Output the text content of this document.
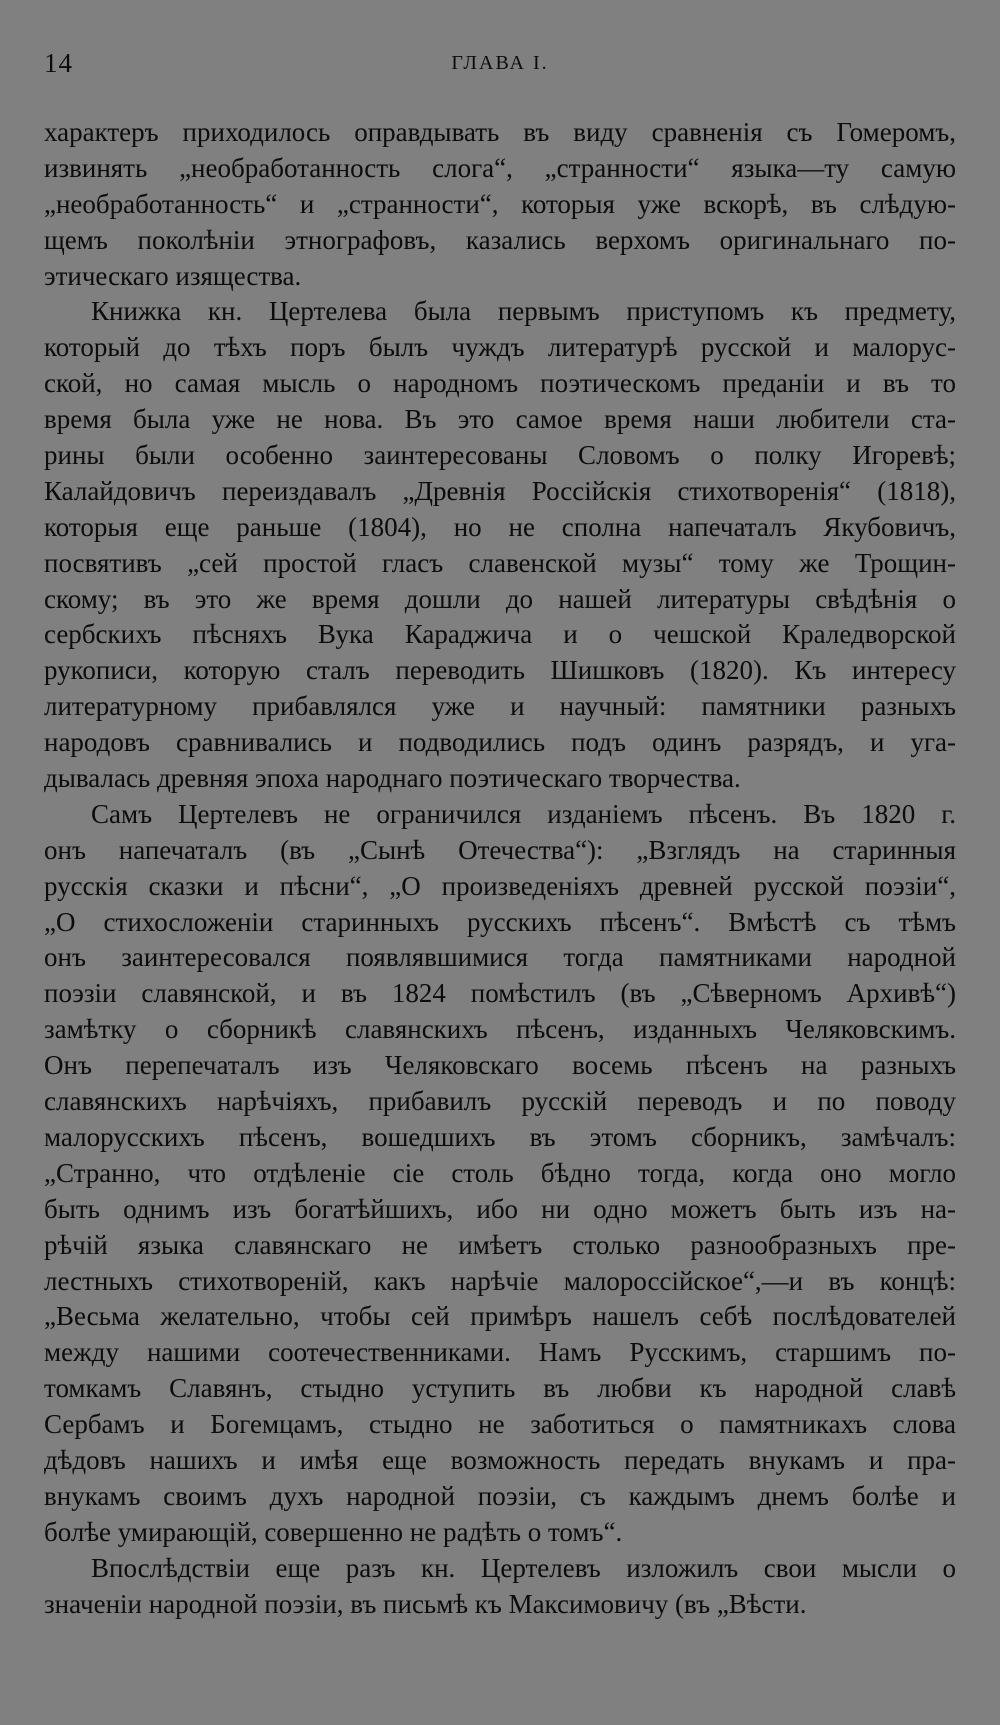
14	ГЛАВА I.
характеръ приходилось оправдывать въ виду сравненія съ Гомеромъ,
извинять „необработанность слога“, „странности“ языка—ту самую
„необработанность“ и „странности“, которыя уже вскорѣ, въ слѣдую-
щемъ поколѣніи этнографовъ, казались верхомъ оригинальнаго по-
этическаго изящества.
Книжка кн. Цертелева была первымъ приступомъ къ предмету,
который до тѣхъ поръ былъ чуждъ литературѣ русской и малорус-
ской, но самая мысль о народномъ поэтическомъ преданіи и въ то
время была уже не нова. Въ это самое время наши любители ста-
рины были особенно заинтересованы Словомъ о полку Игоревѣ;
Калайдовичъ переиздавалъ „Древнія Россійскія стихотворенія“ (1818),
которыя еще раньше (1804), но не сполна напечаталъ Якубовичъ,
посвятивъ „сей простой гласъ славенской музы“ тому же Трощин-
скому; въ это же время дошли до нашей литературы свѣдѣнія о
сербскихъ пѣсняхъ Вука Караджича и о чешской Краледворской
рукописи, которую сталъ переводить Шишковъ (1820). Къ интересу
литературному прибавлялся уже и научный: памятники разныхъ
народовъ сравнивались и подводились подъ одинъ разрядъ, и уга-
дывалась древняя эпоха народнаго поэтическаго творчества.
Самъ Цертелевъ не ограничился изданіемъ пѣсенъ. Въ 1820 г.
онъ напечаталъ (въ „Сынѣ Отечества“): „Взглядъ на старинныя
русскія сказки и пѣсни“, „О произведеніяхъ древней русской поэзіи“,
„О стихосложеніи старинныхъ русскихъ пѣсенъ“. Вмѣстѣ съ тѣмъ
онъ заинтересовался появлявшимися тогда памятниками народной
поэзіи славянской, и въ 1824 помѣстилъ (въ „Сѣверномъ Архивѣ“)
замѣтку о сборникѣ славянскихъ пѣсенъ, изданныхъ Челяковскимъ.
Онъ перепечаталъ изъ Челяковскаго восемь пѣсенъ на разныхъ
славянскихъ нарѣчіяхъ, прибавилъ русскій переводъ и по поводу
малорусскихъ пѣсенъ, вошедшихъ въ этомъ сборникъ, замѣчалъ:
„Странно, что отдѣленіе сіе столь бѣдно тогда, когда оно могло
быть однимъ изъ богатѣйшихъ, ибо ни одно можетъ быть изъ на-
рѣчій языка славянскаго не имѣетъ столько разнообразныхъ пре-
лестныхъ стихотвореній, какъ нарѣчіе малороссійское“,—и въ концѣ:
„Весьма желательно, чтобы сей примѣръ нашелъ себѣ послѣдователей
между нашими соотечественниками. Намъ Русскимъ, старшимъ по-
томкамъ Славянъ, стыдно уступить въ любви къ народной славѣ
Сербамъ и Богемцамъ, стыдно не заботиться о памятникахъ слова
дѣдовъ нашихъ и имѣя еще возможность передать внукамъ и пра-
внукамъ своимъ духъ народной поэзіи, съ каждымъ днемъ болѣе и
болѣе умирающій, совершенно не радѣть о томъ“.
Впослѣдствіи еще разъ кн. Цертелевъ изложилъ свои мысли о
значеніи народной поэзіи, въ письмѣ къ Максимовичу (въ „Вѣсти.
